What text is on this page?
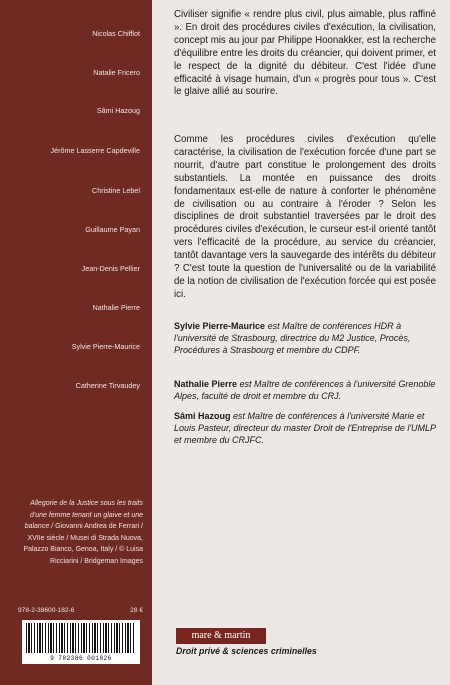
Nicolas Chifflot
Natalie Fricero
Sâmi Hazoug
Jérôme Lasserre Capdeville
Christine Lebel
Guillaume Payan
Jean-Denis Pellier
Nathalie Pierre
Sylvie Pierre-Maurice
Catherine Tirvaudey
Allegorie de la Justice sous les traits d'une femme tenant un glaive et une balance / Giovanni Andrea de Ferrari / XVIIe siècle / Musei di Strada Nuova, Palazzo Bianco, Genoa, Italy / © Luisa Ricciarini / Bridgeman Images
978-2-38600-182-6	28 €
9 782386 001826

Civiliser signifie « rendre plus civil, plus aimable, plus raffiné ». En droit des procédures civiles d'exécution, la civilisation, concept mis au jour par Philippe Hoonakker, est la recherche d'équilibre entre les droits du créancier, qui doivent primer, et le respect de la dignité du débiteur. C'est l'idée d'une efficacité à visage humain, d'un « progrès pour tous ». C'est le glaive allié au sourire.

Comme les procédures civiles d'exécution qu'elle caractérise, la civilisation de l'exécution forcée d'une part se nourrit, d'autre part constitue le prolongement des droits substantiels. La montée en puissance des droits fondamentaux est-elle de nature à conforter le phénomène de civilisation ou au contraire à l'éroder ? Selon les disciplines de droit substantiel traversées par le droit des procédures civiles d'exécution, le curseur est-il orienté tantôt vers l'efficacité de la procédure, au service du créancier, tantôt davantage vers la sauvegarde des intérêts du débiteur ? C'est toute la question de l'universalité ou de la variabilité de la notion de civilisation de l'exécution forcée qui est posée ici.

Sylvie Pierre-Maurice est Maître de conférences HDR à l'université de Strasbourg, directrice du M2 Justice, Procès, Procédures à Strasbourg et membre du CDPF.

Nathalie Pierre est Maître de conférences à l'université Grenoble Alpes, faculté de droit et membre du CRJ.

Sâmi Hazoug est Maître de conférences à l'université Marie et Louis Pasteur, directeur du master Droit de l'Entreprise de l'UMLP et membre du CRJFC.

mare & martin
Droit privé & sciences criminelles
